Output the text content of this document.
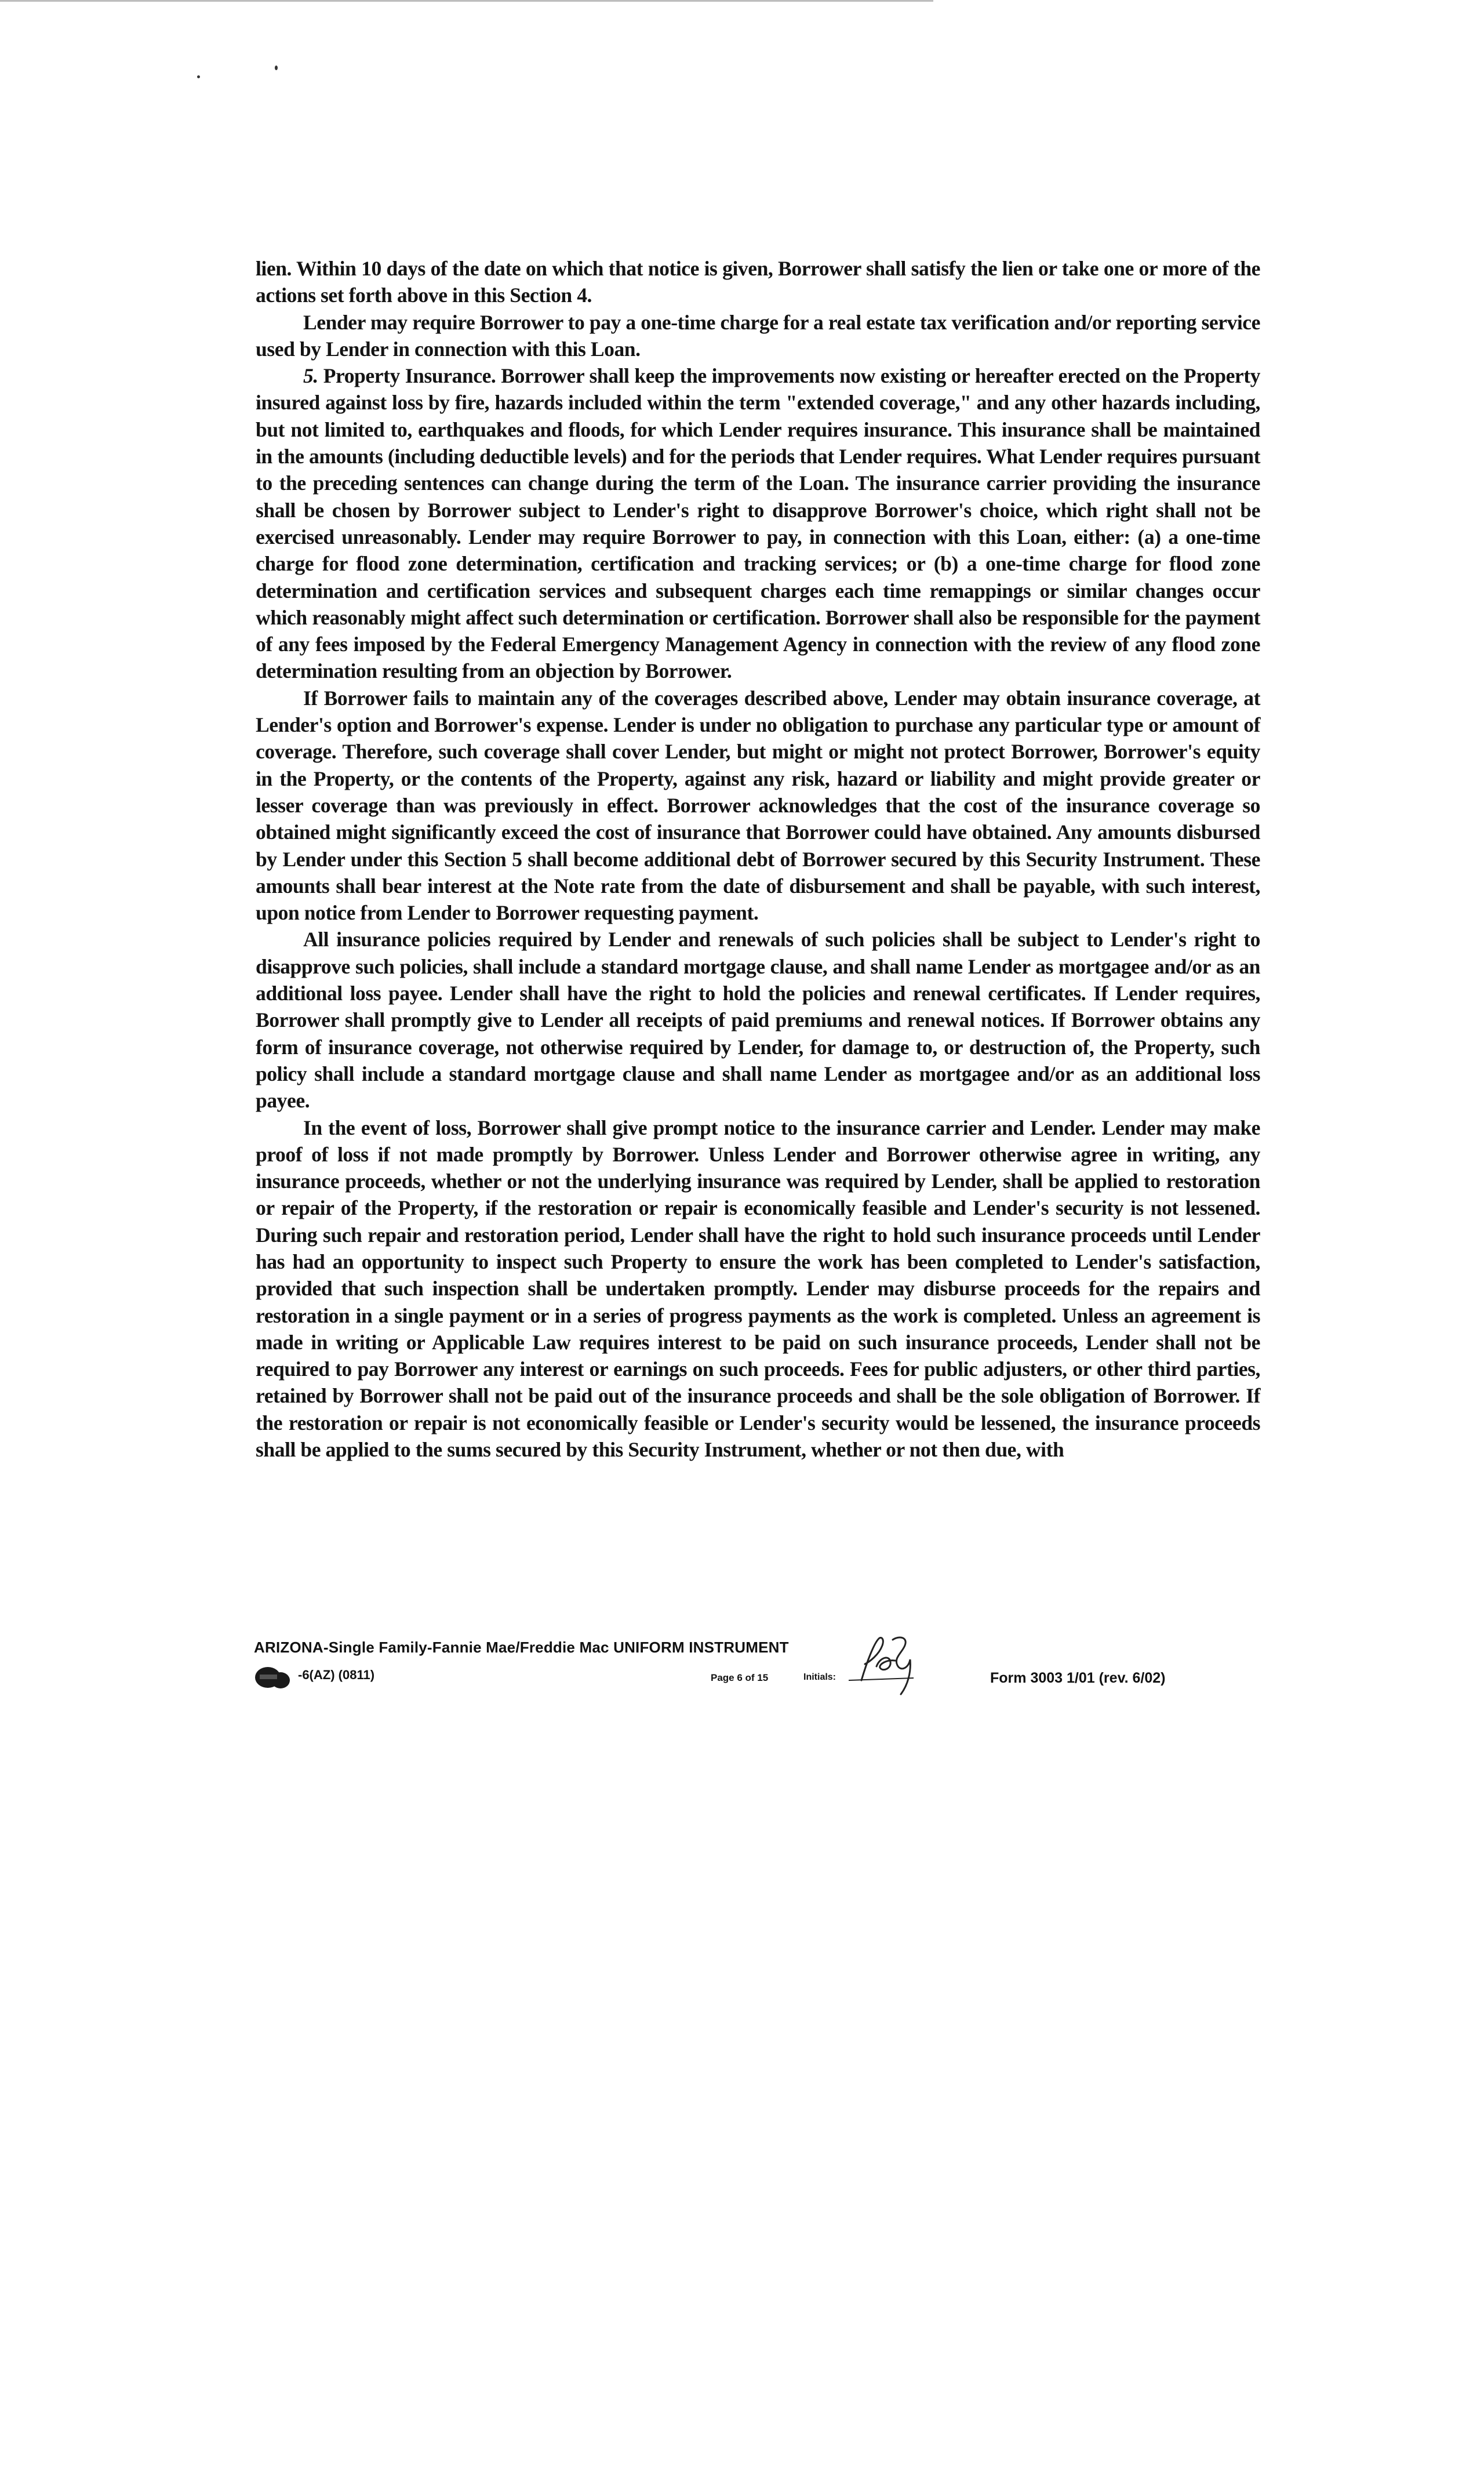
lien. Within 10 days of the date on which that notice is given, Borrower shall satisfy the lien or take one or more of the actions set forth above in this Section 4.

Lender may require Borrower to pay a one-time charge for a real estate tax verification and/or reporting service used by Lender in connection with this Loan.

5. Property Insurance. Borrower shall keep the improvements now existing or hereafter erected on the Property insured against loss by fire, hazards included within the term "extended coverage," and any other hazards including, but not limited to, earthquakes and floods, for which Lender requires insurance. This insurance shall be maintained in the amounts (including deductible levels) and for the periods that Lender requires. What Lender requires pursuant to the preceding sentences can change during the term of the Loan. The insurance carrier providing the insurance shall be chosen by Borrower subject to Lender's right to disapprove Borrower's choice, which right shall not be exercised unreasonably. Lender may require Borrower to pay, in connection with this Loan, either: (a) a one-time charge for flood zone determination, certification and tracking services; or (b) a one-time charge for flood zone determination and certification services and subsequent charges each time remappings or similar changes occur which reasonably might affect such determination or certification. Borrower shall also be responsible for the payment of any fees imposed by the Federal Emergency Management Agency in connection with the review of any flood zone determination resulting from an objection by Borrower.

If Borrower fails to maintain any of the coverages described above, Lender may obtain insurance coverage, at Lender's option and Borrower's expense. Lender is under no obligation to purchase any particular type or amount of coverage. Therefore, such coverage shall cover Lender, but might or might not protect Borrower, Borrower's equity in the Property, or the contents of the Property, against any risk, hazard or liability and might provide greater or lesser coverage than was previously in effect. Borrower acknowledges that the cost of the insurance coverage so obtained might significantly exceed the cost of insurance that Borrower could have obtained. Any amounts disbursed by Lender under this Section 5 shall become additional debt of Borrower secured by this Security Instrument. These amounts shall bear interest at the Note rate from the date of disbursement and shall be payable, with such interest, upon notice from Lender to Borrower requesting payment.

All insurance policies required by Lender and renewals of such policies shall be subject to Lender's right to disapprove such policies, shall include a standard mortgage clause, and shall name Lender as mortgagee and/or as an additional loss payee. Lender shall have the right to hold the policies and renewal certificates. If Lender requires, Borrower shall promptly give to Lender all receipts of paid premiums and renewal notices. If Borrower obtains any form of insurance coverage, not otherwise required by Lender, for damage to, or destruction of, the Property, such policy shall include a standard mortgage clause and shall name Lender as mortgagee and/or as an additional loss payee.

In the event of loss, Borrower shall give prompt notice to the insurance carrier and Lender. Lender may make proof of loss if not made promptly by Borrower. Unless Lender and Borrower otherwise agree in writing, any insurance proceeds, whether or not the underlying insurance was required by Lender, shall be applied to restoration or repair of the Property, if the restoration or repair is economically feasible and Lender's security is not lessened. During such repair and restoration period, Lender shall have the right to hold such insurance proceeds until Lender has had an opportunity to inspect such Property to ensure the work has been completed to Lender's satisfaction, provided that such inspection shall be undertaken promptly. Lender may disburse proceeds for the repairs and restoration in a single payment or in a series of progress payments as the work is completed. Unless an agreement is made in writing or Applicable Law requires interest to be paid on such insurance proceeds, Lender shall not be required to pay Borrower any interest or earnings on such proceeds. Fees for public adjusters, or other third parties, retained by Borrower shall not be paid out of the insurance proceeds and shall be the sole obligation of Borrower. If the restoration or repair is not economically feasible or Lender's security would be lessened, the insurance proceeds shall be applied to the sums secured by this Security Instrument, whether or not then due, with

ARIZONA-Single Family-Fannie Mae/Freddie Mac UNIFORM INSTRUMENT
-6(AZ) (0811)	Page 6 of 15	Initials:	Form 3003 1/01 (rev. 6/02)
